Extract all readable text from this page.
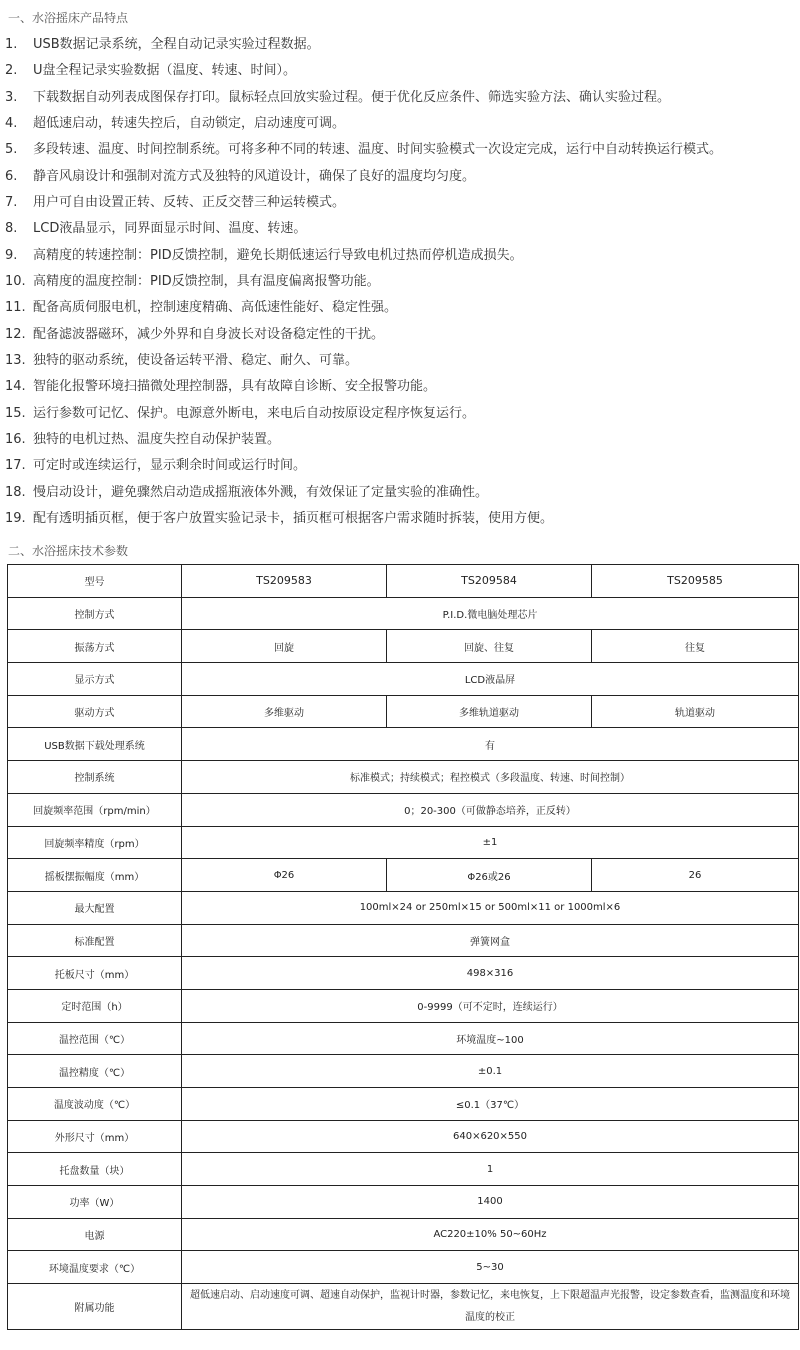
一、水浴摇床产品特点
1. USB数据记录系统，全程自动记录实验过程数据。
2. U盘全程记录实验数据（温度、转速、时间）。
3. 下载数据自动列表成图保存打印。鼠标轻点回放实验过程。便于优化反应条件、筛选实验方法、确认实验过程。
4. 超低速启动，转速失控后，自动锁定，启动速度可调。
5. 多段转速、温度、时间控制系统。可将多种不同的转速、温度、时间实验模式一次设定完成，运行中自动转换运行模式。
6. 静音风扇设计和强制对流方式及独特的风道设计，确保了良好的温度均匀度。
7. 用户可自由设置正转、反转、正反交替三种运转模式。
8. LCD液晶显示，同界面显示时间、温度、转速。
9. 高精度的转速控制：PID反馈控制，避免长期低速运行导致电机过热而停机造成损失。
10. 高精度的温度控制：PID反馈控制，具有温度偏离报警功能。
11. 配备高质伺服电机，控制速度精确、高低速性能好、稳定性强。
12. 配备滤波器磁环，减少外界和自身波长对设备稳定性的干扰。
13. 独特的驱动系统，使设备运转平滑、稳定、耐久、可靠。
14. 智能化报警环境扫描微处理控制器，具有故障自诊断、安全报警功能。
15. 运行参数可记忆、保护。电源意外断电，来电后自动按原设定程序恢复运行。
16. 独特的电机过热、温度失控自动保护装置。
17. 可定时或连续运行，显示剩余时间或运行时间。
18. 慢启动设计，避免骤然启动造成摇瓶液体外溅，有效保证了定量实验的准确性。
19. 配有透明插页框，便于客户放置实验记录卡，插页框可根据客户需求随时拆装，使用方便。
二、水浴摇床技术参数
型号	TS209583	TS209584	TS209585
控制方式	P.I.D.微电脑处理芯片		
振荡方式	回旋	回旋、往复	往复
显示方式	LCD液晶屏		
驱动方式	多维驱动	多维轨道驱动	轨道驱动
USB数据下载处理系统	有		
控制系统	标准模式；持续模式；程控模式（多段温度、转速、时间控制）		
回旋频率范围（rpm/min）	0；20-300（可做静态培养，正反转）		
回旋频率精度（rpm）	±1		
摇板摆振幅度（mm）	Φ26	Φ26或26	26
最大配置	100ml×24 or 250ml×15 or 500ml×11 or 1000ml×6		
标准配置	弹簧网盒		
托板尺寸（mm）	498×316		
定时范围（h）	0-9999（可不定时，连续运行）		
温控范围（℃）	环境温度~100		
温控精度（℃）	±0.1		
温度波动度（℃）	≤0.1（37℃）		
外形尺寸（mm）	640×620×550		
托盘数量（块）	1		
功率（W）	1400		
电源	AC220±10% 50~60Hz		
环境温度要求（℃）	5~30		
附属功能	超低速启动、启动速度可调、超速自动保护，监视计时器，参数记忆，来电恢复，上下限超温声光报警，设定参数查看，监测温度和环境温度的校正		
